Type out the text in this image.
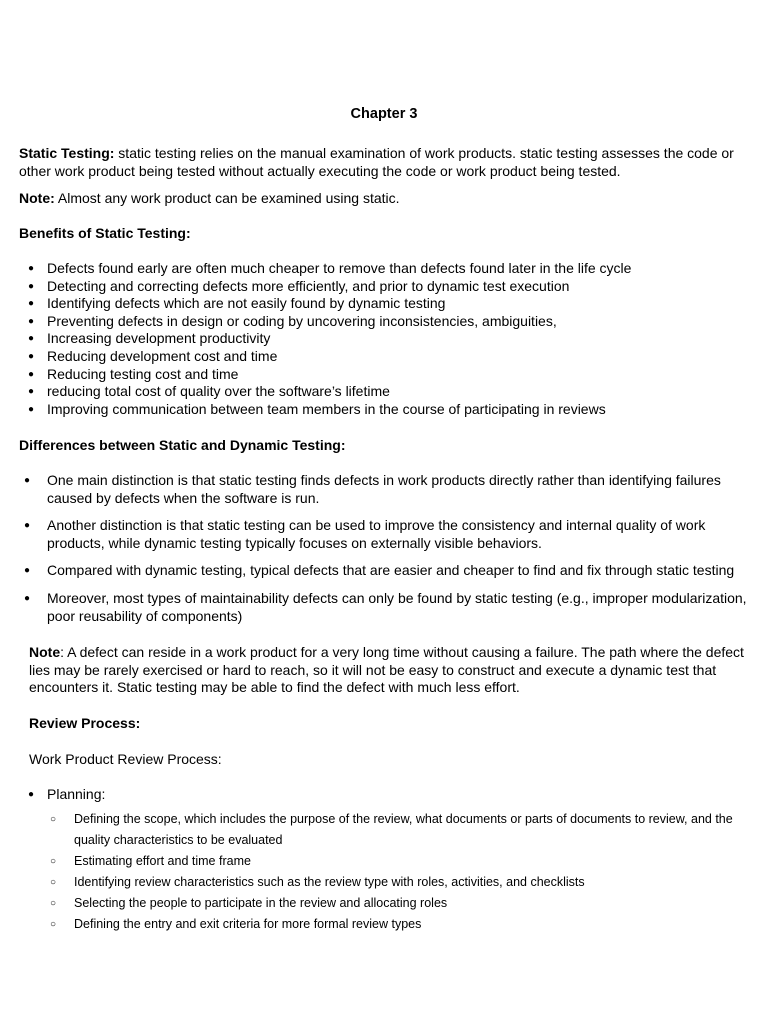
Chapter 3

Static Testing: static testing relies on the manual examination of work products. static testing assesses the code or other work product being tested without actually executing the code or work product being tested.

Note: Almost any work product can be examined using static.

Benefits of Static Testing:

● Defects found early are often much cheaper to remove than defects found later in the life cycle
● Detecting and correcting defects more efficiently, and prior to dynamic test execution
● Identifying defects which are not easily found by dynamic testing
● Preventing defects in design or coding by uncovering inconsistencies, ambiguities,
● Increasing development productivity
● Reducing development cost and time
● Reducing testing cost and time
● reducing total cost of quality over the software’s lifetime
● Improving communication between team members in the course of participating in reviews

Differences between Static and Dynamic Testing:

● One main distinction is that static testing finds defects in work products directly rather than identifying failures caused by defects when the software is run.
● Another distinction is that static testing can be used to improve the consistency and internal quality of work products, while dynamic testing typically focuses on externally visible behaviors.
● Compared with dynamic testing, typical defects that are easier and cheaper to find and fix through static testing
● Moreover, most types of maintainability defects can only be found by static testing (e.g., improper modularization, poor reusability of components)

Note: A defect can reside in a work product for a very long time without causing a failure. The path where the defect lies may be rarely exercised or hard to reach, so it will not be easy to construct and execute a dynamic test that encounters it. Static testing may be able to find the defect with much less effort.

Review Process:

Work Product Review Process:

● Planning:
○ Defining the scope, which includes the purpose of the review, what documents or parts of documents to review, and the quality characteristics to be evaluated
○ Estimating effort and time frame
○ Identifying review characteristics such as the review type with roles, activities, and checklists
○ Selecting the people to participate in the review and allocating roles
○ Defining the entry and exit criteria for more formal review types
